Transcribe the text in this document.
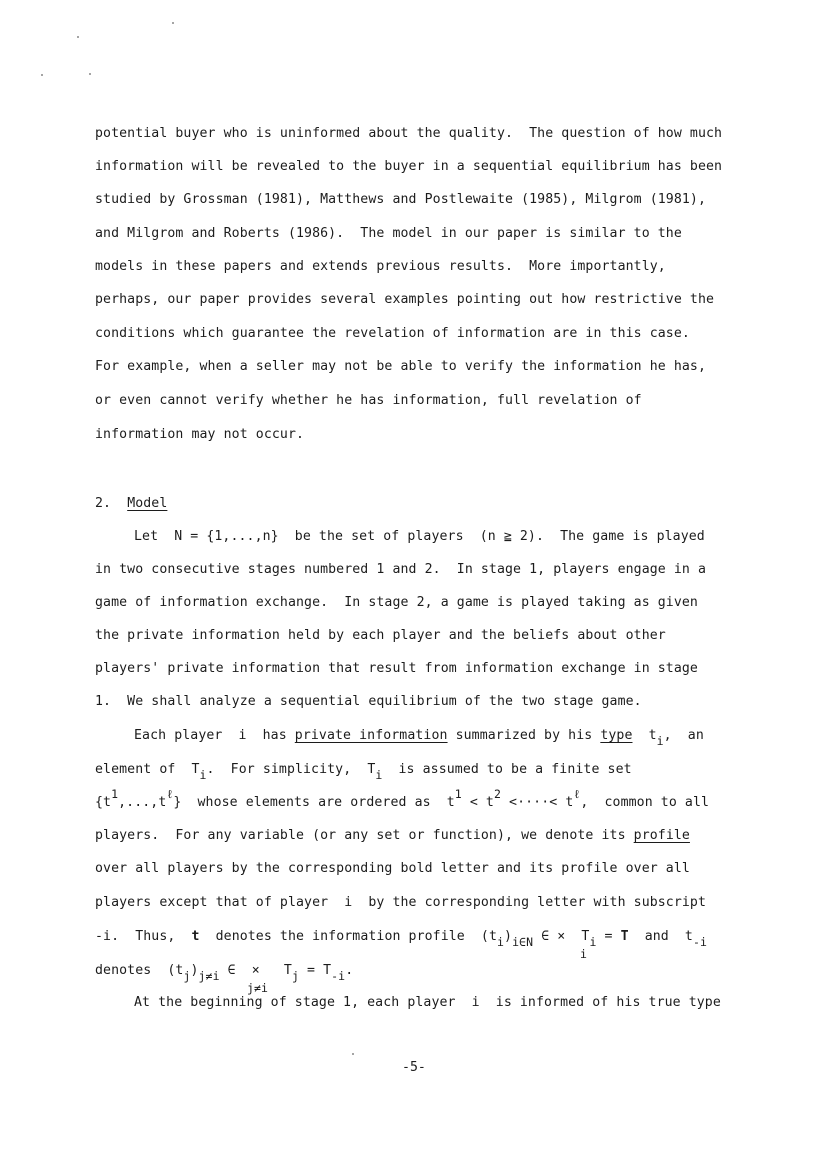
potential buyer who is uninformed about the quality.  The question of how much
information will be revealed to the buyer in a sequential equilibrium has been
studied by Grossman (1981), Matthews and Postlewaite (1985), Milgrom (1981),
and Milgrom and Roberts (1986).  The model in our paper is similar to the
models in these papers and extends previous results.  More importantly,
perhaps, our paper provides several examples pointing out how restrictive the
conditions which guarantee the revelation of information are in this case.
For example, when a seller may not be able to verify the information he has,
or even cannot verify whether he has information, full revelation of
information may not occur.
2. Model
Let  N = {1,...,n}  be the set of players  (n ≧ 2).  The game is played
in two consecutive stages numbered 1 and 2.  In stage 1, players engage in a
game of information exchange.  In stage 2, a game is played taking as given
the private information held by each player and the beliefs about other
players' private information that result from information exchange in stage
1.  We shall analyze a sequential equilibrium of the two stage game.
Each player  i  has private information summarized by his type  ti,  an
element of  Ti.  For simplicity,  Ti  is assumed to be a finite set
{t1,...,tℓ}  whose elements are ordered as  t1 < t2 <····< tℓ,  common to all
players.  For any variable (or any set or function), we denote its profile
over all players by the corresponding bold letter and its profile over all
players except that of player  i  by the corresponding letter with subscript
-i.  Thus,  t  denotes the information profile  (ti)i∈N ∈ ×  Ti = T  and  t-i
i
denotes  (tj)j≠i ∈  ×   Tj = T-i.
j≠i
At the beginning of stage 1, each player  i  is informed of his true type
-5-
